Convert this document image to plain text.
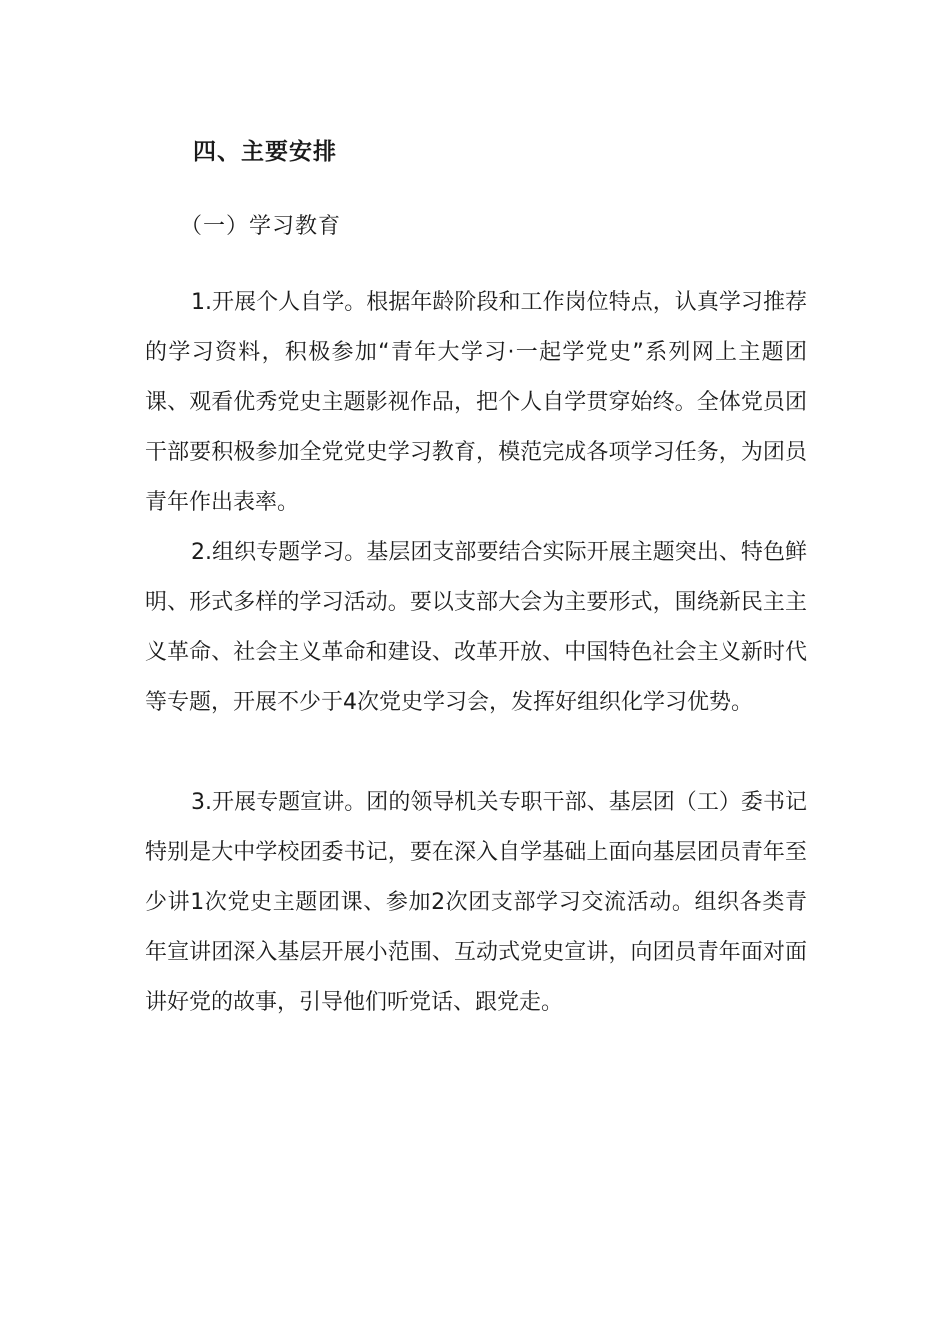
四、主要安排
（一）学习教育

1.开展个人自学。根据年龄阶段和工作岗位特点，认真学习推荐的学习资料，积极参加“青年大学习·一起学党史”系列网上主题团课、观看优秀党史主题影视作品，把个人自学贯穿始终。全体党员团干部要积极参加全党党史学习教育，模范完成各项学习任务，为团员青年作出表率。

2.组织专题学习。基层团支部要结合实际开展主题突出、特色鲜明、形式多样的学习活动。要以支部大会为主要形式，围绕新民主主义革命、社会主义革命和建设、改革开放、中国特色社会主义新时代等专题，开展不少于4次党史学习会，发挥好组织化学习优势。

3.开展专题宣讲。团的领导机关专职干部、基层团（工）委书记特别是大中学校团委书记，要在深入自学基础上面向基层团员青年至少讲1次党史主题团课、参加2次团支部学习交流活动。组织各类青年宣讲团深入基层开展小范围、互动式党史宣讲，向团员青年面对面讲好党的故事，引导他们听党话、跟党走。
